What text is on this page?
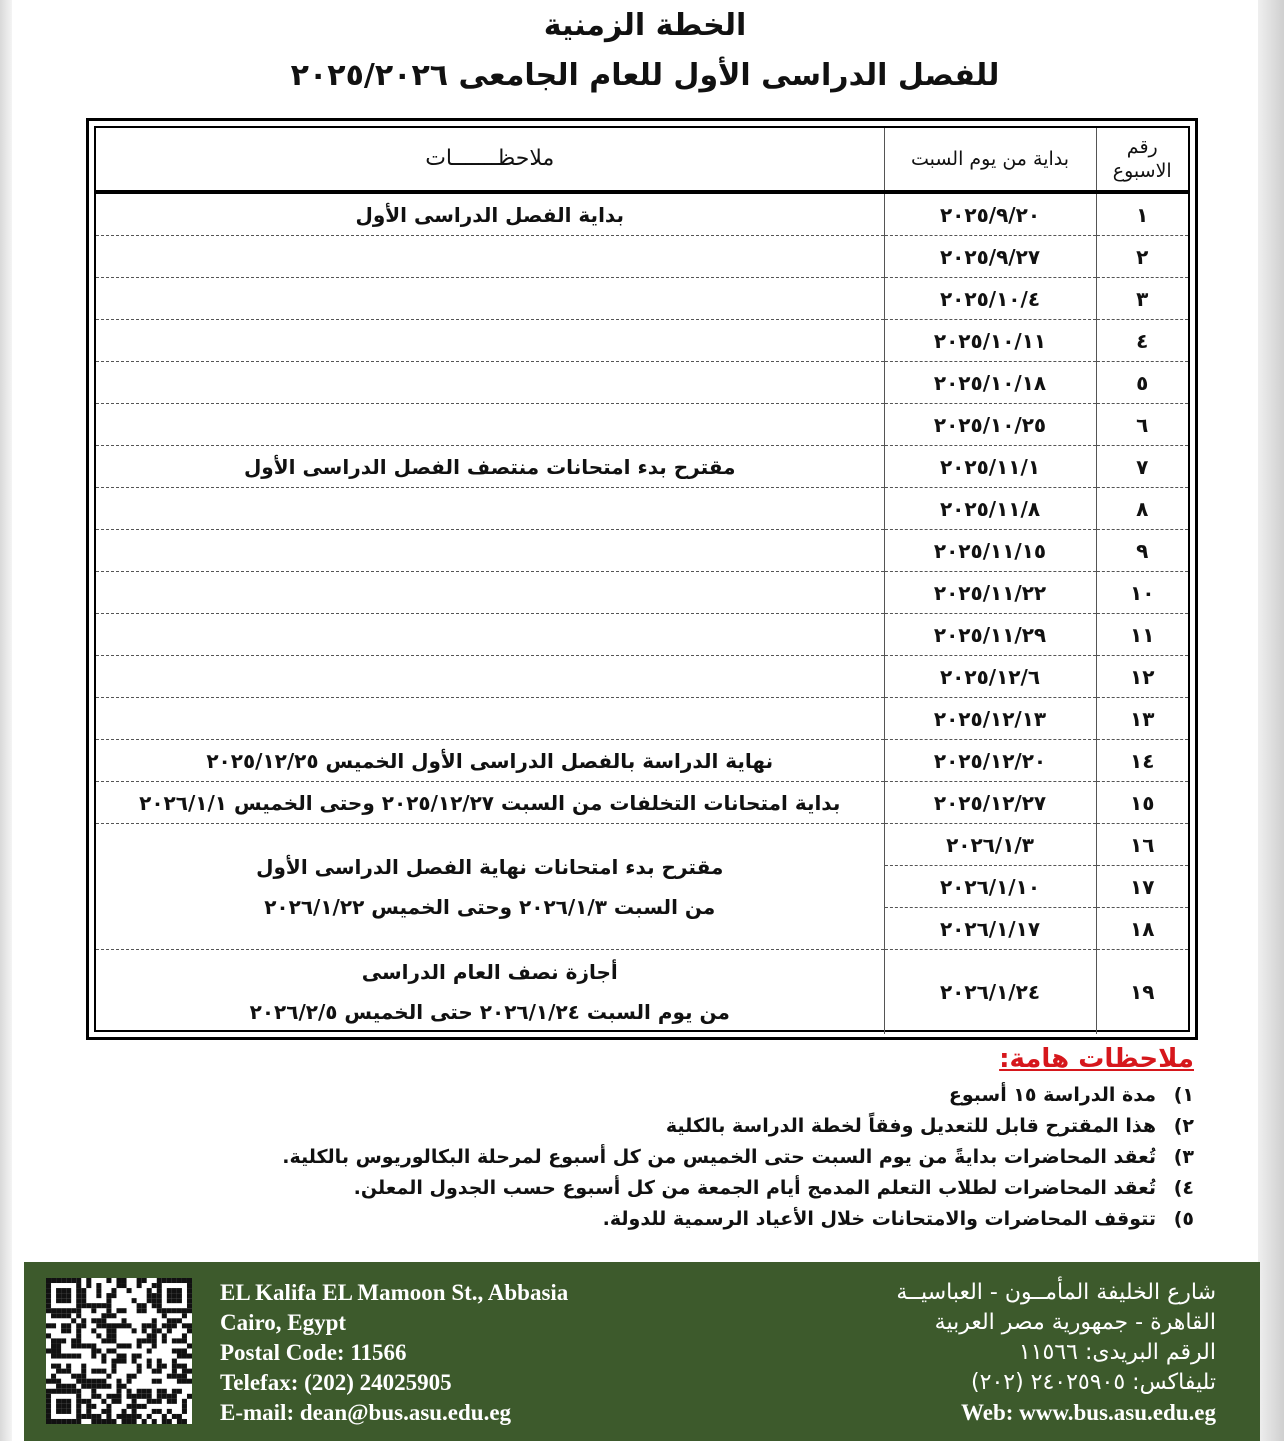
الخطة الزمنية
للفصل الدراسى الأول للعام الجامعى ٢٠٢٥/٢٠٢٦
رقم الاسبوع	بداية من يوم السبت	ملاحظـــــــات
١	٢٠٢٥/٩/٢٠	بداية الفصل الدراسى الأول
٢	٢٠٢٥/٩/٢٧	
٣	٢٠٢٥/١٠/٤	
٤	٢٠٢٥/١٠/١١	
٥	٢٠٢٥/١٠/١٨	
٦	٢٠٢٥/١٠/٢٥	
٧	٢٠٢٥/١١/١	مقترح بدء امتحانات منتصف الفصل الدراسى الأول
٨	٢٠٢٥/١١/٨	
٩	٢٠٢٥/١١/١٥	
١٠	٢٠٢٥/١١/٢٢	
١١	٢٠٢٥/١١/٢٩	
١٢	٢٠٢٥/١٢/٦	
١٣	٢٠٢٥/١٢/١٣	
١٤	٢٠٢٥/١٢/٢٠	نهاية الدراسة بالفصل الدراسى الأول الخميس ٢٠٢٥/١٢/٢٥
١٥	٢٠٢٥/١٢/٢٧	بداية امتحانات التخلفات من السبت ٢٠٢٥/١٢/٢٧ وحتى الخميس ٢٠٢٦/١/١
١٦	٢٠٢٦/١/٣	مقترح بدء امتحانات نهاية الفصل الدراسى الأول
من السبت ٢٠٢٦/١/٣ وحتى الخميس ٢٠٢٦/١/٢٢

١٧	٢٠٢٦/١/١٠	
١٨	٢٠٢٦/١/١٧	
١٩	٢٠٢٦/١/٢٤	أجازة نصف العام الدراسى
من يوم السبت ٢٠٢٦/١/٢٤ حتى الخميس ٢٠٢٦/٢/٥
ملاحظات هامة:
١)مدة الدراسة ١٥ أسبوع
٢)هذا المقترح قابل للتعديل وفقاً لخطة الدراسة بالكلية
٣)تُعقد المحاضرات بدايةً من يوم السبت حتى الخميس من كل أسبوع لمرحلة البكالوريوس بالكلية.
٤)تُعقد المحاضرات لطلاب التعلم المدمج أيام الجمعة من كل أسبوع حسب الجدول المعلن.
٥)تتوقف المحاضرات والامتحانات خلال الأعياد الرسمية للدولة.
EL Kalifa EL Mamoon St., Abbasia
Cairo, Egypt
Postal Code: 11566
Telefax: (202) 24025905
E-mail: dean@bus.asu.edu.eg
شارع الخليفة المأمــون - العباسيــة
القاهرة - جمهورية مصر العربية
الرقم البريدى: ١١٥٦٦
تليفاكس: ٢٤٠٢٥٩٠٥ (٢٠٢)
Web: www.bus.asu.edu.eg
